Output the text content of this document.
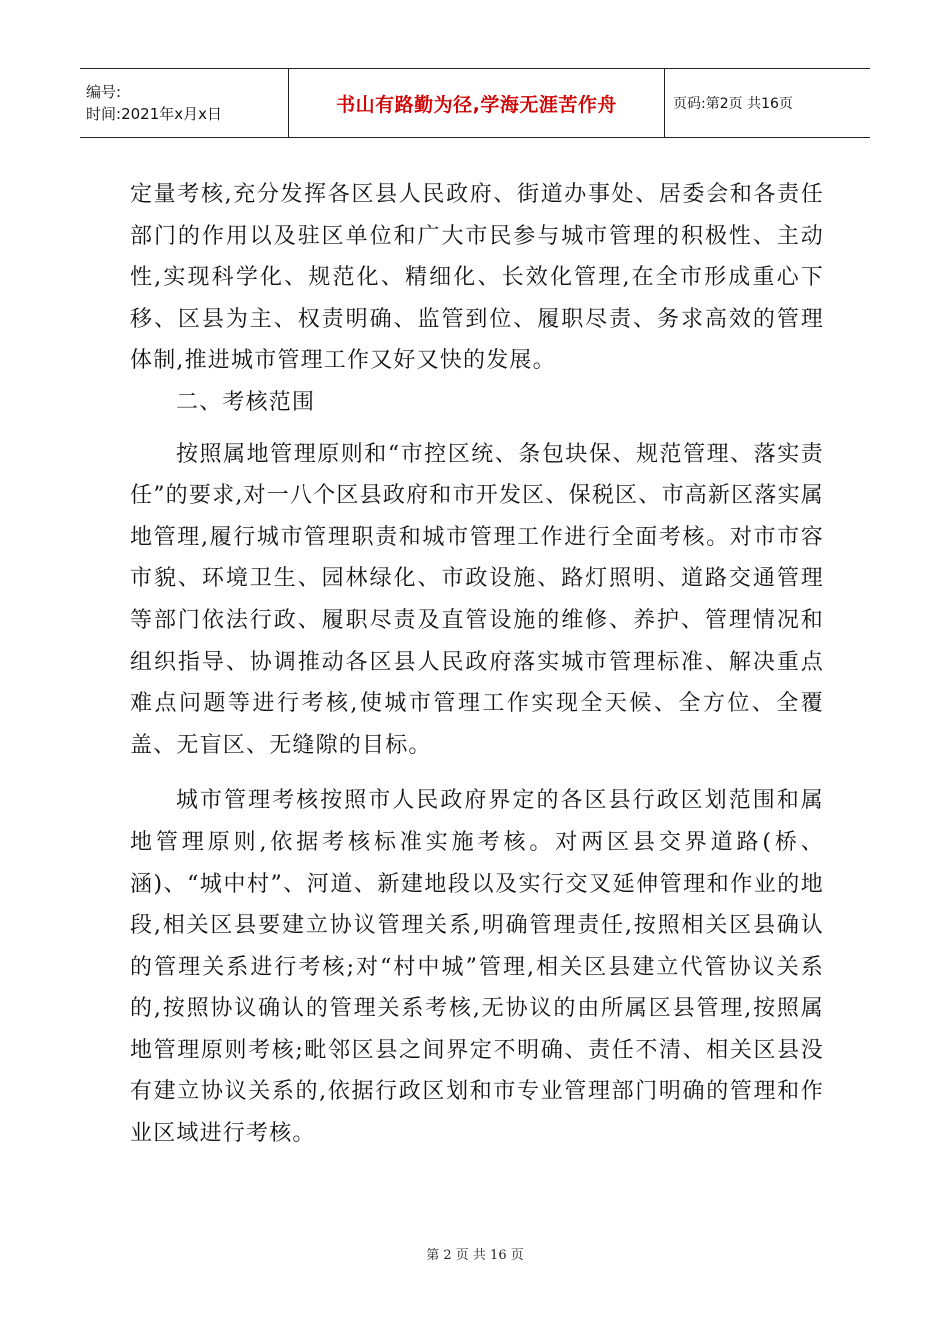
编号:
时间: 2021年x月x日	书山有路勤为径,学海无涯苦作舟	页码: 第2页 共16页

定量考核,充分发挥各区县人民政府、街道办事处、居委会和各责任部门的作用以及驻区单位和广大市民参与城市管理的积极性、主动性,实现科学化、规范化、精细化、长效化管理,在全市形成重心下移、区县为主、权责明确、监管到位、履职尽责、务求高效的管理体制,推进城市管理工作又好又快的发展。

二、考核范围

按照属地管理原则和“市控区统、条包块保、规范管理、落实责任”的要求,对一八个区县政府和市开发区、保税区、市高新区落实属地管理,履行城市管理职责和城市管理工作进行全面考核。对市市容市貌、环境卫生、园林绿化、市政设施、路灯照明、道路交通管理等部门依法行政、履职尽责及直管设施的维修、养护、管理情况和组织指导、协调推动各区县人民政府落实城市管理标准、解决重点难点问题等进行考核,使城市管理工作实现全天候、全方位、全覆盖、无盲区、无缝隙的目标。

城市管理考核按照市人民政府界定的各区县行政区划范围和属地管理原则,依据考核标准实施考核。对两区县交界道路(桥、涵)、“城中村”、河道、新建地段以及实行交叉延伸管理和作业的地段,相关区县要建立协议管理关系,明确管理责任,按照相关区县确认的管理关系进行考核;对“村中城”管理,相关区县建立代管协议关系的,按照协议确认的管理关系考核,无协议的由所属区县管理,按照属地管理原则考核;毗邻区县之间界定不明确、责任不清、相关区县没有建立协议关系的,依据行政区划和市专业管理部门明确的管理和作业区域进行考核。

第 2 页 共 16 页
